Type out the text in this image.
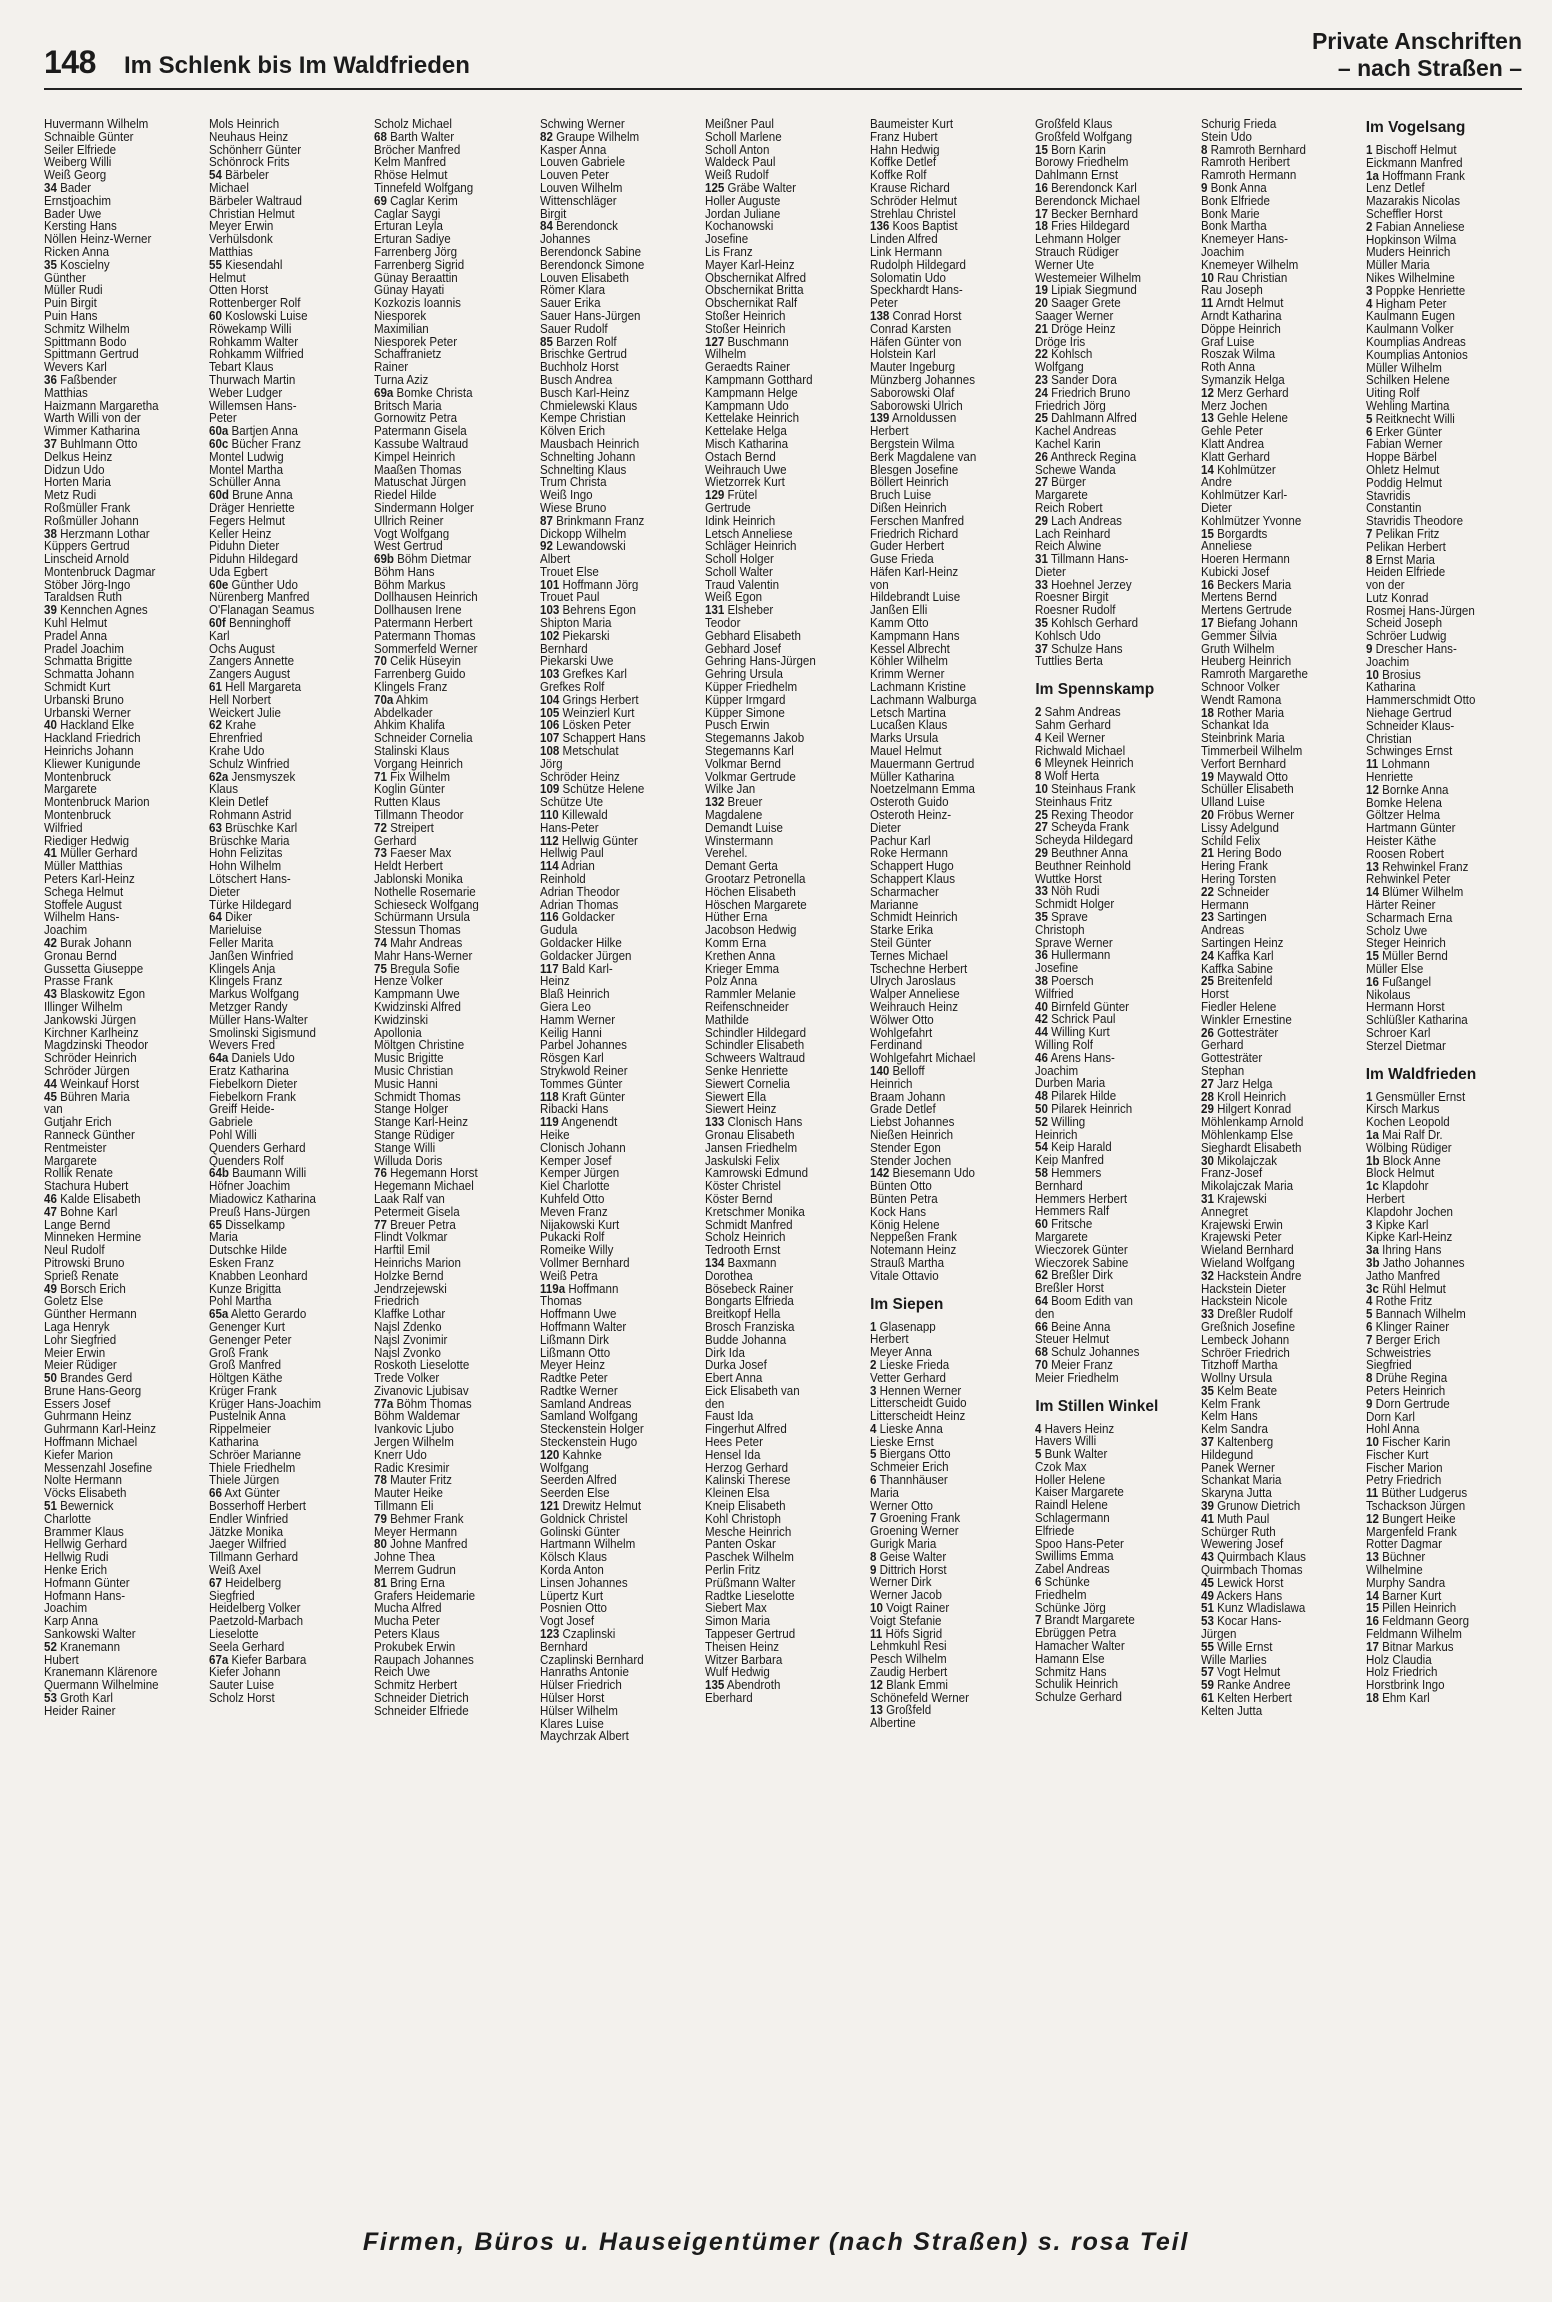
148 Im Schlenk bis Im Waldfrieden
Private Anschriften
– nach Straßen –
Huvermann Wilhelm
Schnaible Günter
Seiler Elfriede
Weiberg Willi
Weiß Georg
34 Bader
Ernstjoachim
Bader Uwe
Kersting Hans
Nöllen Heinz-Werner
Ricken Anna
35 Koscielny
Günther
Müller Rudi
Puin Birgit
Puin Hans
Schmitz Wilhelm
Spittmann Bodo
Spittmann Gertrud
Wevers Karl
36 Faßbender
Matthias
Haizmann Margaretha
Warth Willi von der
Wimmer Katharina
37 Buhlmann Otto
Delkus Heinz
Didzun Udo
Horten Maria
Metz Rudi
Roßmüller Frank
Roßmüller Johann
38 Herzmann Lothar
Küppers Gertrud
Linscheid Arnold
Montenbruck Dagmar
Stöber Jörg-Ingo
Taraldsen Ruth
39 Kennchen Agnes
Kuhl Helmut
Pradel Anna
Pradel Joachim
Schmatta Brigitte
Schmatta Johann
Schmidt Kurt
Urbanski Bruno
Urbanski Werner
40 Hackland Elke
Hackland Friedrich
Heinrichs Johann
Kliewer Kunigunde
Montenbruck
Margarete
Montenbruck Marion
Montenbruck
Wilfried
Riediger Hedwig
41 Müller Gerhard
Müller Matthias
Peters Karl-Heinz
Schega Helmut
Stoffele August
Wilhelm Hans-
Joachim
42 Burak Johann
Gronau Bernd
Gussetta Giuseppe
Prasse Frank
43 Blaskowitz Egon
Illinger Wilhelm
Jankowski Jürgen
Kirchner Karlheinz
Magdzinski Theodor
Schröder Heinrich
Schröder Jürgen
44 Weinkauf Horst
45 Bühren Maria
van
Gutjahr Erich
Ranneck Günther
Rentmeister
Margarete
Rollik Renate
Stachura Hubert
46 Kalde Elisabeth
47 Bohne Karl
Lange Bernd
Minneken Hermine
Neul Rudolf
Pitrowski Bruno
Sprieß Renate
49 Borsch Erich
Goletz Else
Günther Hermann
Laga Henryk
Lohr Siegfried
Meier Erwin
Meier Rüdiger
50 Brandes Gerd
Brune Hans-Georg
Essers Josef
Guhrmann Heinz
Guhrmann Karl-Heinz
Hoffmann Michael
Kiefer Marion
Messenzahl Josefine
Nolte Hermann
Vöcks Elisabeth
51 Bewernick
Charlotte
Brammer Klaus
Hellwig Gerhard
Hellwig Rudi
Henke Erich
Hofmann Günter
Hofmann Hans-
Joachim
Karp Anna
Sankowski Walter
52 Kranemann
Hubert
Kranemann Klärenore
Quermann Wilhelmine
53 Groth Karl
Heider Rainer
Mols Heinrich
Neuhaus Heinz
Schönherr Günter
Schönrock Frits
54 Bärbeler
Michael
Bärbeler Waltraud
Christian Helmut
Meyer Erwin
Verhülsdonk
Matthias
55 Kiesendahl
Helmut
Otten Horst
Rottenberger Rolf
60 Koslowski Luise
Röwekamp Willi
Rohkamm Walter
Rohkamm Wilfried
Tebart Klaus
Thurwach Martin
Weber Ludger
Willemsen Hans-
Peter
60a Bartjen Anna
60c Bücher Franz
Montel Ludwig
Montel Martha
Schüller Anna
60d Brune Anna
Dräger Henriette
Fegers Helmut
Keller Heinz
Piduhn Dieter
Piduhn Hildegard
Uda Egbert
60e Günther Udo
Nürenberg Manfred
O'Flanagan Seamus
60f Benninghoff
Karl
Ochs August
Zangers Annette
Zangers August
61 Hell Margareta
Hell Norbert
Weickert Julie
62 Krahe
Ehrenfried
Krahe Udo
Schulz Winfried
62a Jensmyszek
Klaus
Klein Detlef
Rohmann Astrid
63 Brüschke Karl
Brüschke Maria
Hohn Felizitas
Hohn Wilhelm
Lötschert Hans-
Dieter
Türke Hildegard
64 Diker
Marieluise
Feller Marita
Janßen Winfried
Klingels Anja
Klingels Franz
Markus Wolfgang
Metzger Randy
Müller Hans-Walter
Smolinski Sigismund
Wevers Fred
64a Daniels Udo
Eratz Katharina
Fiebelkorn Dieter
Fiebelkorn Frank
Greiff Heide-
Gabriele
Pohl Willi
Quenders Gerhard
Quenders Rolf
64b Baumann Willi
Höfner Joachim
Miadowicz Katharina
Preuß Hans-Jürgen
65 Disselkamp
Maria
Dutschke Hilde
Esken Franz
Knabben Leonhard
Kunze Brigitta
Pohl Martha
65a Aletto Gerardo
Genenger Kurt
Genenger Peter
Groß Frank
Groß Manfred
Höltgen Käthe
Krüger Frank
Krüger Hans-Joachim
Pustelnik Anna
Rippelmeier
Katharina
Schröer Marianne
Thiele Friedhelm
Thiele Jürgen
66 Axt Günter
Bosserhoff Herbert
Endler Winfried
Jätzke Monika
Jaeger Wilfried
Tillmann Gerhard
Weiß Axel
67 Heidelberg
Siegfried
Heidelberg Volker
Paetzold-Marbach
Lieselotte
Seela Gerhard
67a Kiefer Barbara
Kiefer Johann
Sauter Luise
Scholz Horst
Scholz Michael
68 Barth Walter
Bröcher Manfred
Kelm Manfred
Rhöse Helmut
Tinnefeld Wolfgang
69 Caglar Kerim
Caglar Saygi
Erturan Leyla
Erturan Sadiye
Farrenberg Jörg
Farrenberg Sigrid
Günay Beraattin
Günay Hayati
Kozkozis Ioannis
Niesporek
Maximilian
Niesporek Peter
Schaffranietz
Rainer
Turna Aziz
69a Bomke Christa
Britsch Maria
Gornowitz Petra
Patermann Gisela
Kassube Waltraud
Kimpel Heinrich
Maaßen Thomas
Matuschat Jürgen
Riedel Hilde
Sindermann Holger
Ullrich Reiner
Vogt Wolfgang
West Gertrud
69b Böhm Dietmar
Böhm Hans
Böhm Markus
Dollhausen Heinrich
Dollhausen Irene
Patermann Herbert
Patermann Thomas
Sommerfeld Werner
70 Celik Hüseyin
Farrenberg Guido
Klingels Franz
70a Ahkim
Abdelkader
Ahkim Khalifa
Schneider Cornelia
Stalinski Klaus
Vorgang Heinrich
71 Fix Wilhelm
Koglin Günter
Rutten Klaus
Tillmann Theodor
72 Streipert
Gerhard
73 Faeser Max
Heldt Herbert
Jablonski Monika
Nothelle Rosemarie
Schieseck Wolfgang
Schürmann Ursula
Stessun Thomas
74 Mahr Andreas
Mahr Hans-Werner
75 Bregula Sofie
Henze Volker
Kampmann Uwe
Kwidzinski Alfred
Kwidzinski
Apollonia
Möltgen Christine
Music Brigitte
Music Christian
Music Hanni
Schmidt Thomas
Stange Holger
Stange Karl-Heinz
Stange Rüdiger
Stange Willi
Willuda Doris
76 Hegemann Horst
Hegemann Michael
Laak Ralf van
Petermeit Gisela
77 Breuer Petra
Flindt Volkmar
Harftil Emil
Heinrichs Marion
Holzke Bernd
Jendrzejewski
Friedrich
Klaffke Lothar
Najsl Zdenko
Najsl Zvonimir
Najsl Zvonko
Roskoth Lieselotte
Trede Volker
Zivanovic Ljubisav
77a Böhm Thomas
Böhm Waldemar
Ivankovic Ljubo
Jergen Wilhelm
Knerr Udo
Radic Kresimir
78 Mauter Fritz
Mauter Heike
Tillmann Eli
79 Behmer Frank
Meyer Hermann
80 Johne Manfred
Johne Thea
Merrem Gudrun
81 Bring Erna
Grafers Heidemarie
Mucha Alfred
Mucha Peter
Peters Klaus
Prokubek Erwin
Raupach Johannes
Reich Uwe
Schmitz Herbert
Schneider Dietrich
Schneider Elfriede
Schwing Werner
82 Graupe Wilhelm
Kasper Anna
Louven Gabriele
Louven Peter
Louven Wilhelm
Wittenschläger
Birgit
84 Berendonck
Johannes
Berendonck Sabine
Berendonck Simone
Louven Elisabeth
Römer Klara
Sauer Erika
Sauer Hans-Jürgen
Sauer Rudolf
85 Barzen Rolf
Brischke Gertrud
Buchholz Horst
Busch Andrea
Busch Karl-Heinz
Chmielewski Klaus
Kempe Christian
Kölven Erich
Mausbach Heinrich
Schnelting Johann
Schnelting Klaus
Trum Christa
Weiß Ingo
Wiese Bruno
87 Brinkmann Franz
Dickopp Wilhelm
92 Lewandowski
Albert
Trouet Else
101 Hoffmann Jörg
Trouet Paul
103 Behrens Egon
Shipton Maria
102 Piekarski
Bernhard
Piekarski Uwe
103 Grefkes Karl
Grefkes Rolf
104 Grings Herbert
105 Weinzierl Kurt
106 Lösken Peter
107 Schappert Hans
108 Metschulat
Jörg
Schröder Heinz
109 Schütze Helene
Schütze Ute
110 Killewald
Hans-Peter
112 Hellwig Günter
Hellwig Paul
114 Adrian
Reinhold
Adrian Theodor
Adrian Thomas
116 Goldacker
Gudula
Goldacker Hilke
Goldacker Jürgen
117 Bald Karl-
Heinz
Blaß Heinrich
Giera Leo
Hamm Werner
Keilig Hanni
Parbel Johannes
Rösgen Karl
Strykwold Reiner
Tommes Günter
118 Kraft Günter
Ribacki Hans
119 Angenendt
Heike
Clonisch Johann
Kemper Josef
Kemper Jürgen
Kiel Charlotte
Kuhfeld Otto
Meven Franz
Nijakowski Kurt
Pukacki Rolf
Romeike Willy
Vollmer Bernhard
Weiß Petra
119a Hoffmann
Thomas
Hoffmann Uwe
Hoffmann Walter
Lißmann Dirk
Lißmann Otto
Meyer Heinz
Radtke Peter
Radtke Werner
Samland Andreas
Samland Wolfgang
Steckenstein Holger
Steckenstein Hugo
120 Kahnke
Wolfgang
Seerden Alfred
Seerden Else
121 Drewitz Helmut
Goldnick Christel
Golinski Günter
Hartmann Wilhelm
Kölsch Klaus
Korda Anton
Linsen Johannes
Lüpertz Kurt
Posnien Otto
Vogt Josef
123 Czaplinski
Bernhard
Czaplinski Bernhard
Hanraths Antonie
Hülser Friedrich
Hülser Horst
Hülser Wilhelm
Klares Luise
Maychrzak Albert
Meißner Paul
Scholl Marlene
Scholl Anton
Waldeck Paul
Weiß Rudolf
125 Gräbe Walter
Holler Auguste
Jordan Juliane
Kochanowski
Josefine
Lis Franz
Mayer Karl-Heinz
Obschernikat Alfred
Obschernikat Britta
Obschernikat Ralf
Stoßer Heinrich
Stoßer Heinrich
127 Buschmann
Wilhelm
Geraedts Rainer
Kampmann Gotthard
Kampmann Helge
Kampmann Udo
Kettelake Heinrich
Kettelake Helga
Misch Katharina
Ostach Bernd
Weihrauch Uwe
Wietzorrek Kurt
129 Frütel
Gertrude
Idink Heinrich
Letsch Anneliese
Schläger Heinrich
Scholl Holger
Scholl Walter
Traud Valentin
Weiß Egon
131 Elsheber
Teodor
Gebhard Elisabeth
Gebhard Josef
Gehring Hans-Jürgen
Gehring Ursula
Küpper Friedhelm
Küpper Irmgard
Küpper Simone
Pusch Erwin
Stegemanns Jakob
Stegemanns Karl
Volkmar Bernd
Volkmar Gertrude
Wilke Jan
132 Breuer
Magdalene
Demandt Luise
Winstermann
Verehel.
Demant Gerta
Grootarz Petronella
Höchen Elisabeth
Höschen Margarete
Hüther Erna
Jacobson Hedwig
Komm Erna
Krethen Anna
Krieger Emma
Polz Anna
Rammler Melanie
Reifenschneider
Mathilde
Schindler Hildegard
Schindler Elisabeth
Schweers Waltraud
Senke Henriette
Siewert Cornelia
Siewert Ella
Siewert Heinz
133 Clonisch Hans
Gronau Elisabeth
Jansen Friedhelm
Jaskulski Felix
Kamrowski Edmund
Köster Christel
Köster Bernd
Kretschmer Monika
Schmidt Manfred
Scholz Heinrich
Tedrooth Ernst
134 Baxmann
Dorothea
Bösebeck Rainer
Bongarts Elfrieda
Breitkopf Hella
Brosch Franziska
Budde Johanna
Dirk Ida
Durka Josef
Ebert Anna
Eick Elisabeth van
den
Faust Ida
Fingerhut Alfred
Hees Peter
Hensel Ida
Herzog Gerhard
Kalinski Therese
Kleinen Elsa
Kneip Elisabeth
Kohl Christoph
Mesche Heinrich
Panten Oskar
Paschek Wilhelm
Perlin Fritz
Prüßmann Walter
Radtke Lieselotte
Siebert Max
Simon Maria
Tappeser Gertrud
Theisen Heinz
Witzer Barbara
Wulf Hedwig
135 Abendroth
Eberhard
Baumeister Kurt
Franz Hubert
Hahn Hedwig
Koffke Detlef
Koffke Rolf
Krause Richard
Schröder Helmut
Strehlau Christel
136 Koos Baptist
Linden Alfred
Link Hermann
Rudolph Hildegard
Solomatin Udo
Speckhardt Hans-
Peter
138 Conrad Horst
Conrad Karsten
Häfen Günter von
Holstein Karl
Mauter Ingeburg
Münzberg Johannes
Saborowski Olaf
Saborowski Ulrich
139 Arnoldussen
Herbert
Bergstein Wilma
Berk Magdalene van
Blesgen Josefine
Böllert Heinrich
Bruch Luise
Dißen Heinrich
Ferschen Manfred
Friedrich Richard
Guder Herbert
Guse Frieda
Häfen Karl-Heinz
von
Hildebrandt Luise
Janßen Elli
Kamm Otto
Kampmann Hans
Kessel Albrecht
Köhler Wilhelm
Krimm Werner
Lachmann Kristine
Lachmann Walburga
Letsch Martina
Lucaßen Klaus
Marks Ursula
Mauel Helmut
Mauermann Gertrud
Müller Katharina
Noetzelmann Emma
Osteroth Guido
Osteroth Heinz-
Dieter
Pachur Karl
Roke Hermann
Schappert Hugo
Schappert Klaus
Scharmacher
Marianne
Schmidt Heinrich
Starke Erika
Steil Günter
Ternes Michael
Tschechne Herbert
Ulrych Jaroslaus
Walper Anneliese
Weihrauch Heinz
Wölwer Otto
Wohlgefahrt
Ferdinand
Wohlgefahrt Michael
140 Belloff
Heinrich
Braam Johann
Grade Detlef
Liebst Johannes
Nießen Heinrich
Stender Egon
Stender Jochen
142 Biesemann Udo
Bünten Otto
Bünten Petra
Kock Hans
König Helene
Neppeßen Frank
Notemann Heinz
Strauß Martha
Vitale Ottavio
Im Siepen
1 Glasenapp
Herbert
Meyer Anna
2 Lieske Frieda
Vetter Gerhard
3 Hennen Werner
Litterscheidt Guido
Litterscheidt Heinz
4 Lieske Anna
Lieske Ernst
5 Biergans Otto
Schmeier Erich
6 Thannhäuser
Maria
Werner Otto
7 Groening Frank
Groening Werner
Gurigk Maria
8 Geise Walter
9 Dittrich Horst
Werner Dirk
Werner Jacob
10 Voigt Rainer
Voigt Stefanie
11 Höfs Sigrid
Lehmkuhl Resi
Pesch Wilhelm
Zaudig Herbert
12 Blank Emmi
Schönefeld Werner
13 Großfeld
Albertine
Großfeld Klaus
Großfeld Wolfgang
15 Born Karin
Borowy Friedhelm
Dahlmann Ernst
16 Berendonck Karl
Berendonck Michael
17 Becker Bernhard
18 Fries Hildegard
Lehmann Holger
Strauch Rüdiger
Werner Ute
Westemeier Wilhelm
19 Lipiak Siegmund
20 Saager Grete
Saager Werner
21 Dröge Heinz
Dröge Iris
22 Kohlsch
Wolfgang
23 Sander Dora
24 Friedrich Bruno
Friedrich Jörg
25 Dahlmann Alfred
Kachel Andreas
Kachel Karin
26 Anthreck Regina
Schewe Wanda
27 Bürger
Margarete
Reich Robert
29 Lach Andreas
Lach Reinhard
Reich Alwine
31 Tillmann Hans-
Dieter
33 Hoehnel Jerzey
Roesner Birgit
Roesner Rudolf
35 Kohlsch Gerhard
Kohlsch Udo
37 Schulze Hans
Tuttlies Berta
Im Spennskamp
2 Sahm Andreas
Sahm Gerhard
4 Keil Werner
Richwald Michael
6 Mleynek Heinrich
8 Wolf Herta
10 Steinhaus Frank
Steinhaus Fritz
25 Rexing Theodor
27 Scheyda Frank
Scheyda Hildegard
29 Beuthner Anna
Beuthner Reinhold
Wuttke Horst
33 Nöh Rudi
Schmidt Holger
35 Sprave
Christoph
Sprave Werner
36 Hullermann
Josefine
38 Poersch
Wilfried
40 Birnfeld Günter
42 Schrick Paul
44 Willing Kurt
Willing Rolf
46 Arens Hans-
Joachim
Durben Maria
48 Pilarek Hilde
50 Pilarek Heinrich
52 Willing
Heinrich
54 Keip Harald
Keip Manfred
58 Hemmers
Bernhard
Hemmers Herbert
Hemmers Ralf
60 Fritsche
Margarete
Wieczorek Günter
Wieczorek Sabine
62 Breßler Dirk
Breßler Horst
64 Boom Edith van
den
66 Beine Anna
Steuer Helmut
68 Schulz Johannes
70 Meier Franz
Meier Friedhelm
Im Stillen Winkel
4 Havers Heinz
Havers Willi
5 Bunk Walter
Czok Max
Holler Helene
Kaiser Margarete
Raindl Helene
Schlagermann
Elfriede
Spoo Hans-Peter
Swillims Emma
Zabel Andreas
6 Schünke
Friedhelm
Schünke Jörg
7 Brandt Margarete
Ebrüggen Petra
Hamacher Walter
Hamann Else
Schmitz Hans
Schulik Heinrich
Schulze Gerhard
Schurig Frieda
Stein Udo
8 Ramroth Bernhard
Ramroth Heribert
Ramroth Hermann
9 Bonk Anna
Bonk Elfriede
Bonk Marie
Bonk Martha
Knemeyer Hans-
Joachim
Knemeyer Wilhelm
10 Rau Christian
Rau Joseph
11 Arndt Helmut
Arndt Katharina
Döppe Heinrich
Graf Luise
Roszak Wilma
Roth Anna
Symanzik Helga
12 Merz Gerhard
Merz Jochen
13 Gehle Helene
Gehle Peter
Klatt Andrea
Klatt Gerhard
14 Kohlmützer
Andre
Kohlmützer Karl-
Dieter
Kohlmützer Yvonne
15 Borgardts
Anneliese
Hoeren Hermann
Kubicki Josef
16 Beckers Maria
Mertens Bernd
Mertens Gertrude
17 Biefang Johann
Gemmer Silvia
Gruth Wilhelm
Heuberg Heinrich
Ramroth Margarethe
Schnoor Volker
Wendt Ramona
18 Rother Maria
Schankat Ida
Steinbrink Maria
Timmerbeil Wilhelm
Verfort Bernhard
19 Maywald Otto
Schüller Elisabeth
Ulland Luise
20 Fröbus Werner
Lissy Adelgund
Schild Felix
21 Hering Bodo
Hering Frank
Hering Torsten
22 Schneider
Hermann
23 Sartingen
Andreas
Sartingen Heinz
24 Kaffka Karl
Kaffka Sabine
25 Breitenfeld
Horst
Fiedler Helene
Winkler Ernestine
26 Gottesträter
Gerhard
Gottesträter
Stephan
27 Jarz Helga
28 Kroll Heinrich
29 Hilgert Konrad
Möhlenkamp Arnold
Möhlenkamp Else
Sieghardt Elisabeth
30 Mikolajczak
Franz-Josef
Mikolajczak Maria
31 Krajewski
Annegret
Krajewski Erwin
Krajewski Peter
Wieland Bernhard
Wieland Wolfgang
32 Hackstein Andre
Hackstein Dieter
Hackstein Nicole
33 Dreßler Rudolf
Greßnich Josefine
Lembeck Johann
Schröer Friedrich
Titzhoff Martha
Wollny Ursula
35 Kelm Beate
Kelm Frank
Kelm Hans
Kelm Sandra
37 Kaltenberg
Hildegund
Panek Werner
Schankat Maria
Skaryna Jutta
39 Grunow Dietrich
41 Muth Paul
Schürger Ruth
Wewering Josef
43 Quirmbach Klaus
Quirmbach Thomas
45 Lewick Horst
49 Ackers Hans
51 Kunz Wladislawa
53 Kocar Hans-
Jürgen
55 Wille Ernst
Wille Marlies
57 Vogt Helmut
59 Ranke Andree
61 Kelten Herbert
Kelten Jutta
Im Vogelsang
1 Bischoff Helmut
Eickmann Manfred
1a Hoffmann Frank
Lenz Detlef
Mazarakis Nicolas
Scheffler Horst
2 Fabian Anneliese
Hopkinson Wilma
Muders Heinrich
Müller Maria
Nikes Wilhelmine
3 Poppke Henriette
4 Higham Peter
Kaulmann Eugen
Kaulmann Volker
Koumplias Andreas
Koumplias Antonios
Müller Wilhelm
Schilken Helene
Uiting Rolf
Wehling Martina
5 Reitknecht Willi
6 Erker Günter
Fabian Werner
Hoppe Bärbel
Ohletz Helmut
Poddig Helmut
Stavridis
Constantin
Stavridis Theodore
7 Pelikan Fritz
Pelikan Herbert
8 Ernst Maria
Heiden Elfriede
von der
Lutz Konrad
Rosmej Hans-Jürgen
Scheid Joseph
Schröer Ludwig
9 Drescher Hans-
Joachim
10 Brosius
Katharina
Hammerschmidt Otto
Niehage Gertrud
Schneider Klaus-
Christian
Schwinges Ernst
11 Lohmann
Henriette
12 Bornke Anna
Bomke Helena
Göltzer Helma
Hartmann Günter
Heister Käthe
Roosen Robert
13 Rehwinkel Franz
Rehwinkel Peter
14 Blümer Wilhelm
Härter Reiner
Scharmach Erna
Scholz Uwe
Steger Heinrich
15 Müller Bernd
Müller Else
16 Fußangel
Nikolaus
Hermann Horst
Schlüßler Katharina
Schroer Karl
Sterzel Dietmar
Im Waldfrieden
1 Gensmüller Ernst
Kirsch Markus
Kochen Leopold
1a Mai Ralf Dr.
Wölbing Rüdiger
1b Block Anne
Block Helmut
1c Klapdohr
Herbert
Klapdohr Jochen
3 Kipke Karl
Kipke Karl-Heinz
3a Ihring Hans
3b Jatho Johannes
Jatho Manfred
3c Rühl Helmut
4 Rothe Fritz
5 Bannach Wilhelm
6 Klinger Rainer
7 Berger Erich
Schweistries
Siegfried
8 Drühe Regina
Peters Heinrich
9 Dorn Gertrude
Dorn Karl
Hohl Anna
10 Fischer Karin
Fischer Kurt
Fischer Marion
Petry Friedrich
11 Büther Ludgerus
Tschackson Jürgen
12 Bungert Heike
Margenfeld Frank
Rotter Dagmar
13 Büchner
Wilhelmine
Murphy Sandra
14 Barner Kurt
15 Pillen Heinrich
16 Feldmann Georg
Feldmann Wilhelm
17 Bitnar Markus
Holz Claudia
Holz Friedrich
Horstbrink Ingo
18 Ehm Karl
Firmen, Büros u. Hauseigentümer (nach Straßen) s. rosa Teil
